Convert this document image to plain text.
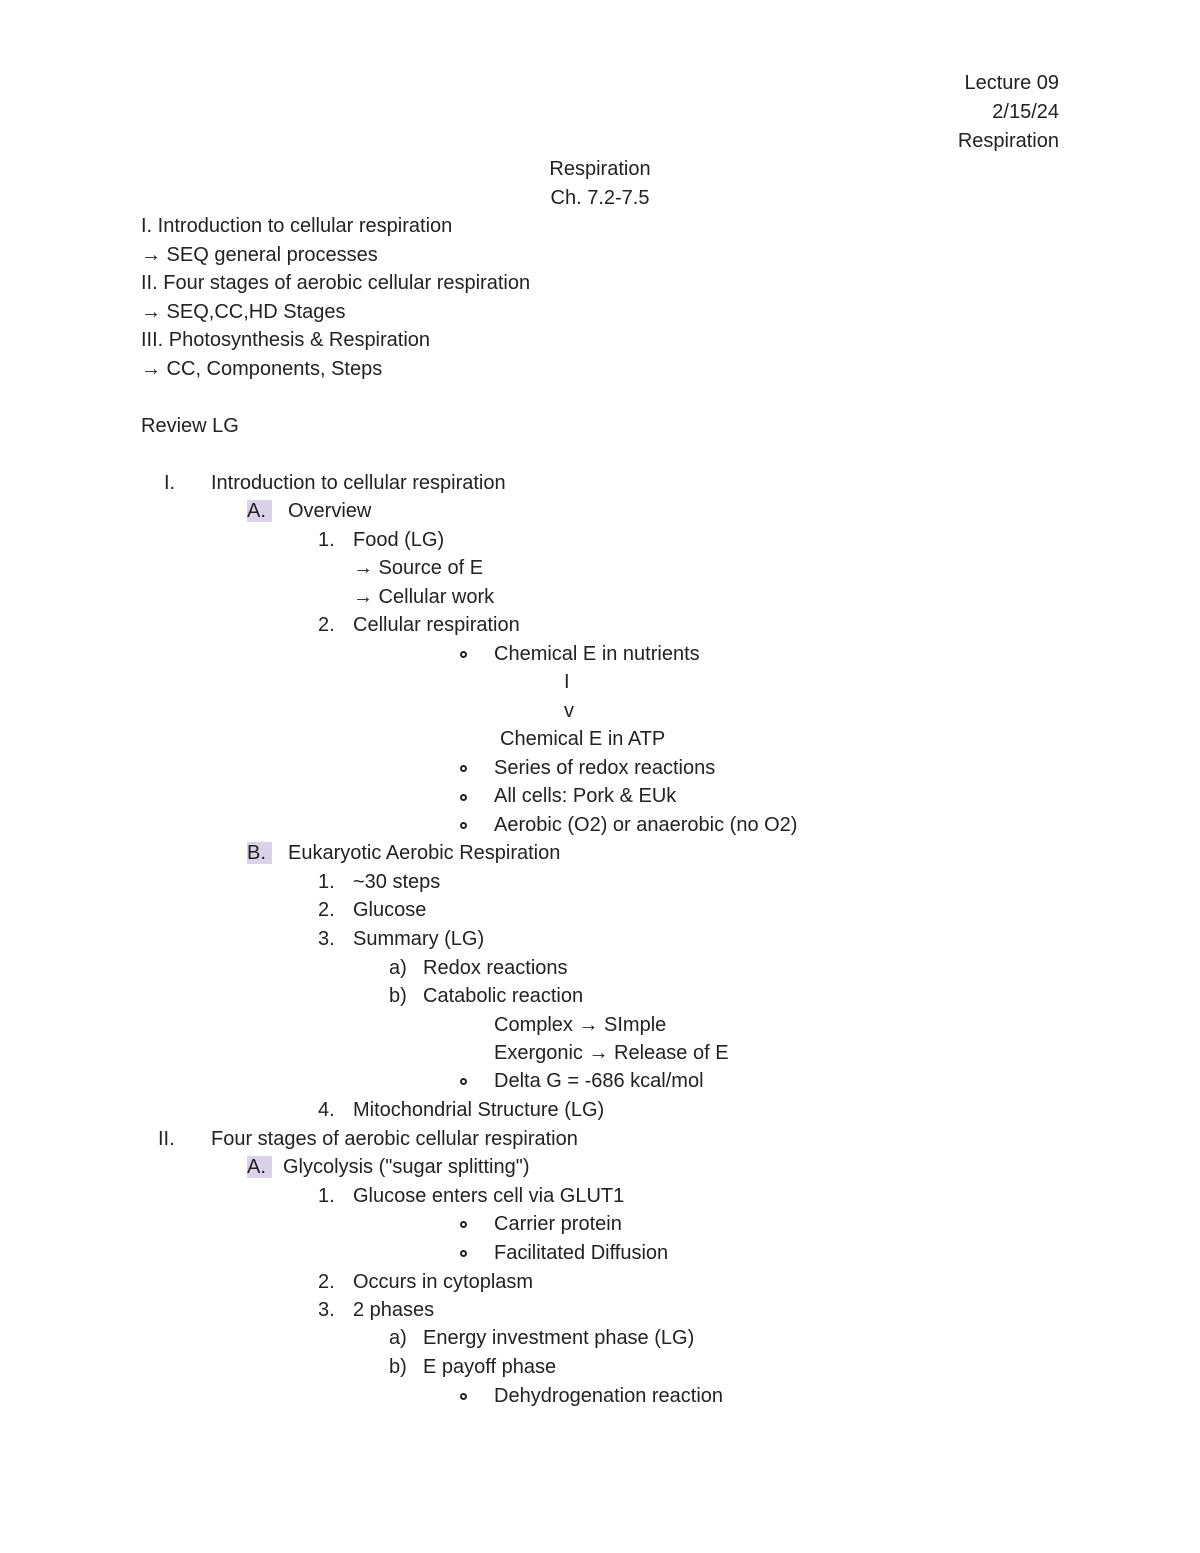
Lecture 09
2/15/24
Respiration
Respiration
Ch. 7.2-7.5
I. Introduction to cellular respiration
→ SEQ general processes
II. Four stages of aerobic cellular respiration
→ SEQ,CC,HD Stages
III. Photosynthesis & Respiration
→ CC, Components, Steps
Review LG
I. Introduction to cellular respiration
A.	Overview
1. Food (LG)
→ Source of E
→ Cellular work
2. Cellular respiration
Chemical E in nutrients
I
v
Chemical E in ATP
Series of redox reactions
All cells: Pork & EUk
Aerobic (O2) or anaerobic (no O2)
B.	Eukaryotic Aerobic Respiration
1. ~30 steps
2. Glucose
3. Summary (LG)
a) Redox reactions
b) Catabolic reaction
Complex → SImple
Exergonic → Release of E
Delta G = -686 kcal/mol
4. Mitochondrial Structure (LG)
II. Four stages of aerobic cellular respiration
A. Glycolysis ("sugar splitting")
1. Glucose enters cell via GLUT1
Carrier protein
Facilitated Diffusion
2. Occurs in cytoplasm
3. 2 phases
a) Energy investment phase (LG)
b) E payoff phase
Dehydrogenation reaction
